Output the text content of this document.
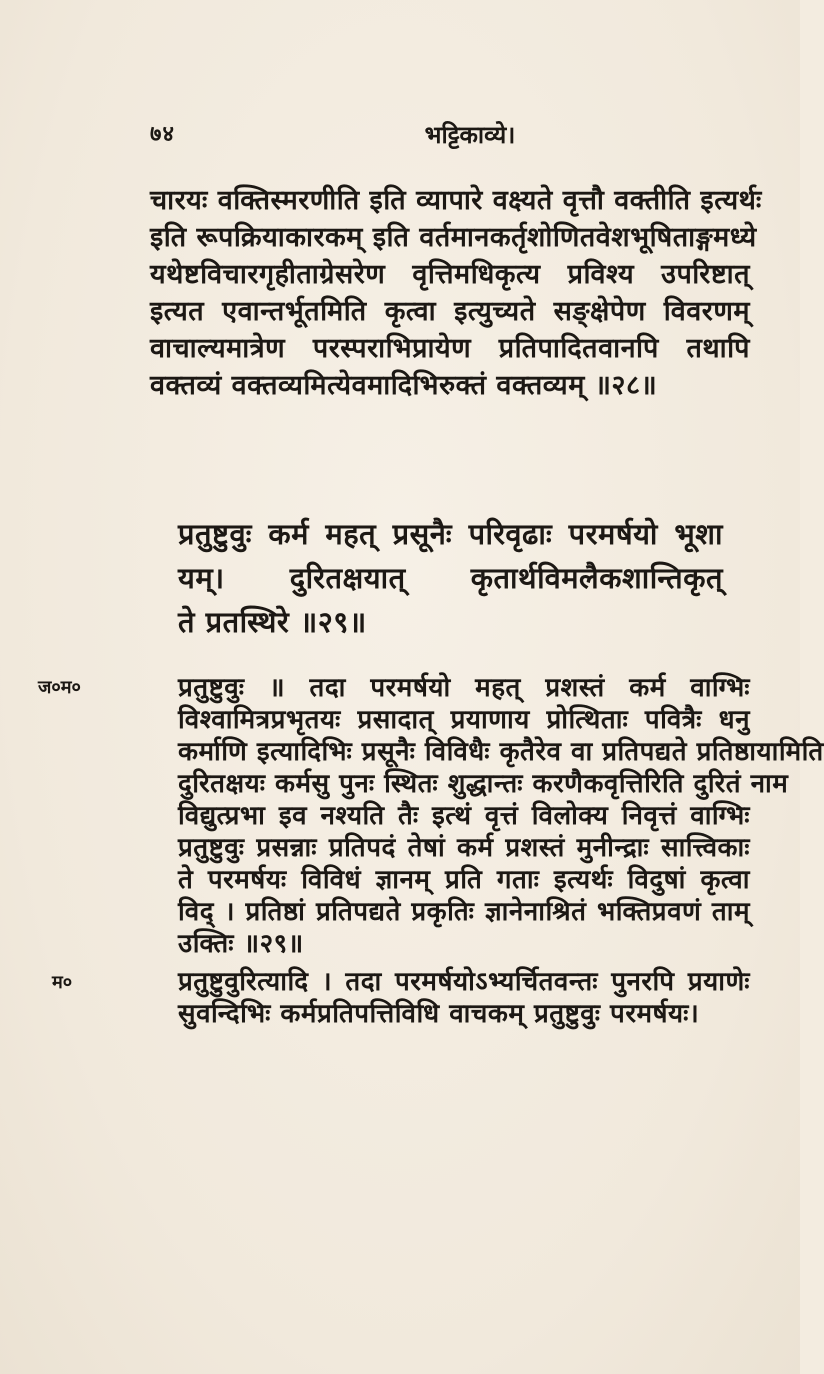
७४	भट्टिकाव्ये।
चारयः वक्तिस्मरणीति इति व्यापारे वक्ष्यते वृत्तौ वक्तीति इत्यर्थः
इति रूपक्रियाकारकम् इति वर्तमानकर्तृशोणितवेशभूषिताङ्गमध्ये
यथेष्टविचारगृहीताग्रेसरेण वृत्तिमधिकृत्य प्रविश्य उपरिष्टात्
इत्यत एवान्तर्भूतमिति कृत्वा इत्युच्यते सङ्क्षेपेण विवरणम्
वाचाल्यमात्रेण परस्पराभिप्रायेण प्रतिपादितवानपि तथापि
वक्तव्यं वक्तव्यमित्येवमादिभिरुक्तं वक्तव्यम् ॥२८॥
प्रतुष्टुवुः कर्म महत् प्रसूनैः परिवृढाः परमर्षयो भूशा
यम्। दुरितक्षयात् कृतार्थविमलैकशान्तिकृत्
ते प्रतस्थिरे ॥२९॥
ज०म०	प्रतुष्टुवुः ॥ तदा परमर्षयो महत् प्रशस्तं कर्म वाग्भिः
विश्वामित्रप्रभृतयः प्रसादात् प्रयाणाय प्रोत्थिताः पवित्रैः धनु
कर्माणि इत्यादिभिः प्रसूनैः विविधैः कृतैरेव वा प्रतिपद्यते प्रतिष्ठायामिति
दुरितक्षयः कर्मसु पुनः स्थितः शुद्धान्तः करणैकवृत्तिरिति दुरितं नाम
विद्युत्प्रभा इव नश्यति तैः इत्थं वृत्तं विलोक्य निवृत्तं वाग्भिः
प्रतुष्टुवुः प्रसन्नाः प्रतिपदं तेषां कर्म प्रशस्तं मुनीन्द्राः सात्त्विकाः
ते परमर्षयः विविधं ज्ञानम् प्रति गताः इत्यर्थः विदुषां कृत्वा
विद् । प्रतिष्ठां प्रतिपद्यते प्रकृतिः ज्ञानेनाश्रितं भक्तिप्रवणं ताम्
उक्तिः ॥२९॥
म०	प्रतुष्टुवुरित्यादि । तदा परमर्षयोऽभ्यर्चितवन्तः पुनरपि प्रयाणेः
सुवन्दिभिः कर्मप्रतिपत्तिविधि वाचकम् प्रतुष्टुवुः परमर्षयः।
